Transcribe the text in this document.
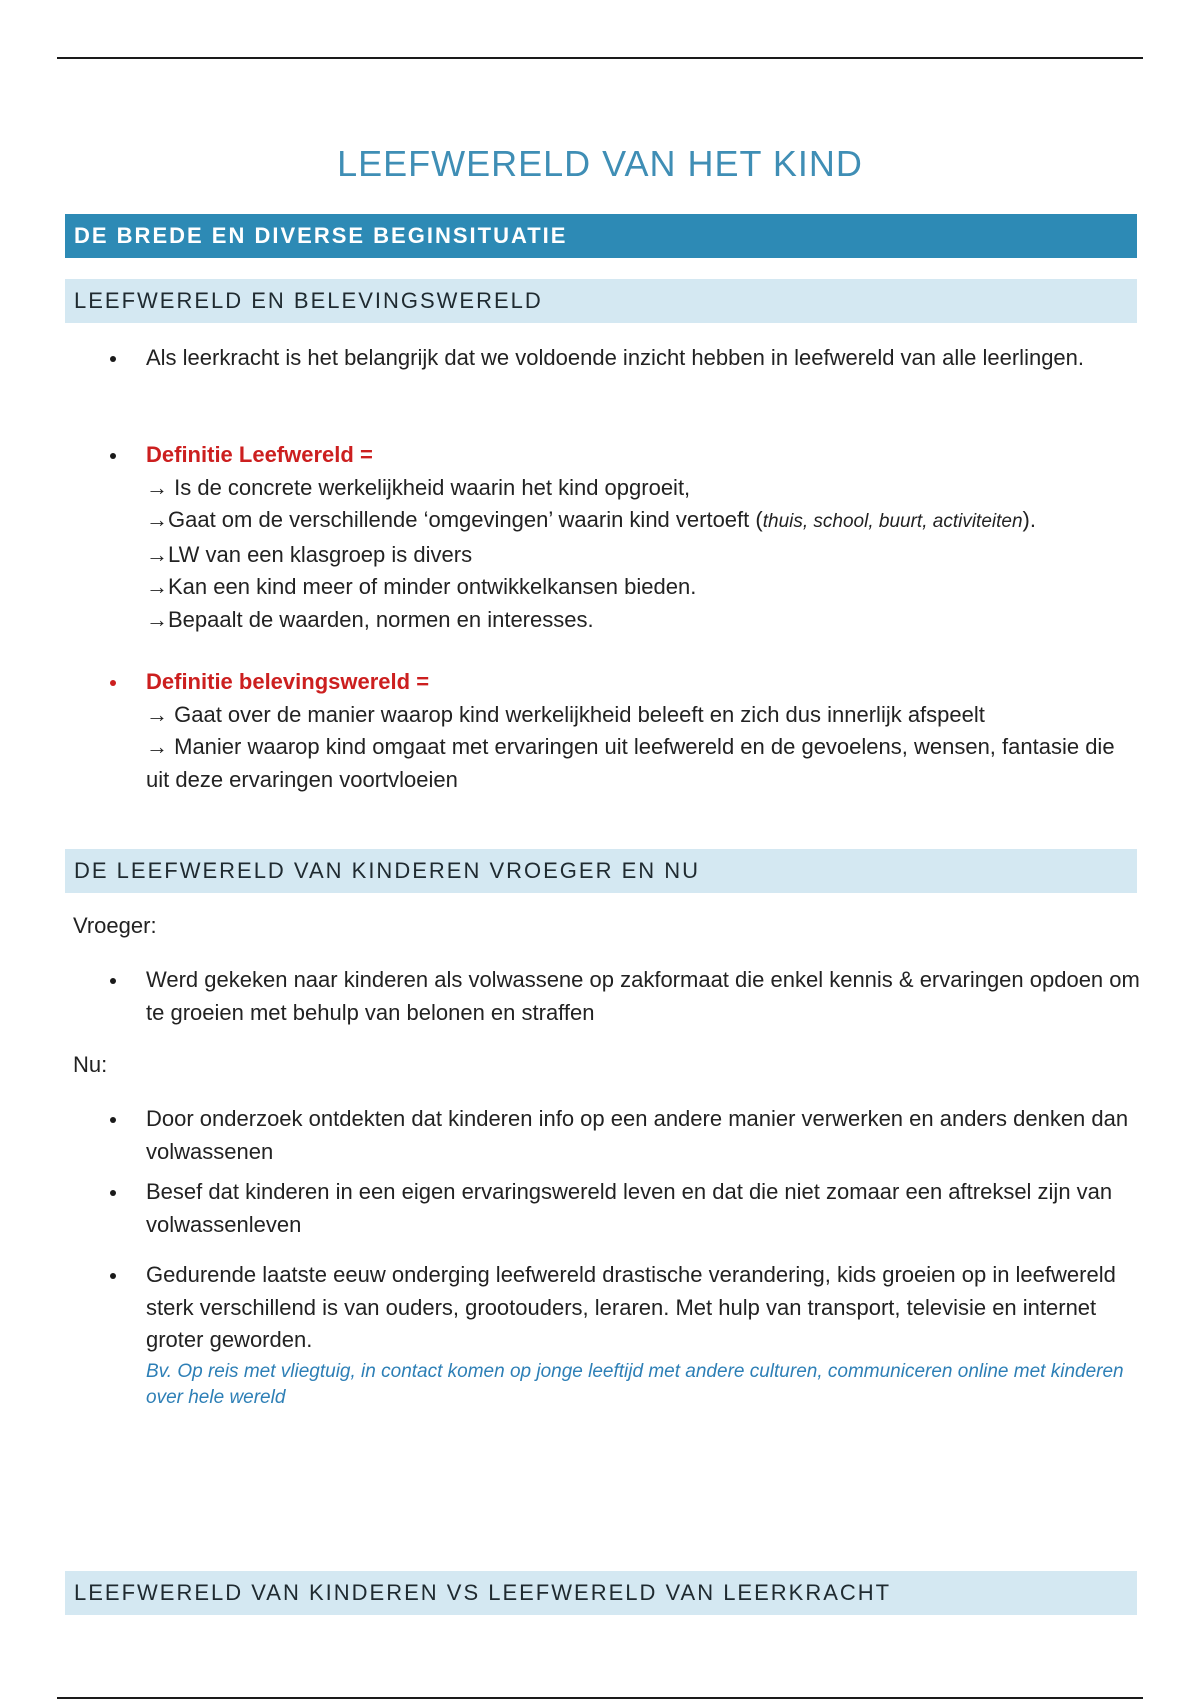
LEEFWERELD VAN HET KIND
DE BREDE EN DIVERSE BEGINSITUATIE
LEEFWERELD EN BELEVINGSWERELD
Als leerkracht is het belangrijk dat we voldoende inzicht hebben in leefwereld van alle leerlingen.
Definitie Leefwereld =
→ Is de concrete werkelijkheid waarin het kind opgroeit,
→Gaat om de verschillende ‘omgevingen’ waarin kind vertoeft (thuis, school, buurt, activiteiten).
→LW van een klasgroep is divers
→Kan een kind meer of minder ontwikkelkansen bieden.
→Bepaalt de waarden, normen en interesses.
Definitie belevingswereld =
→ Gaat over de manier waarop kind werkelijkheid beleeft en zich dus innerlijk afspeelt
→ Manier waarop kind omgaat met ervaringen uit leefwereld en de gevoelens, wensen, fantasie die uit deze ervaringen voortvloeien
DE LEEFWERELD VAN KINDEREN VROEGER EN NU
Vroeger:
Werd gekeken naar kinderen als volwassene op zakformaat die enkel kennis & ervaringen opdoen om te groeien met behulp van belonen en straffen
Nu:
Door onderzoek ontdekten dat kinderen info op een andere manier verwerken en anders denken dan volwassenen
Besef dat kinderen in een eigen ervaringswereld leven en dat die niet zomaar een aftreksel zijn van volwassenleven
Gedurende laatste eeuw onderging leefwereld drastische verandering, kids groeien op in leefwereld sterk verschillend is van ouders, grootouders, leraren. Met hulp van transport, televisie en internet groter geworden.
Bv. Op reis met vliegtuig, in contact komen op jonge leeftijd met andere culturen, communiceren online met kinderen over hele wereld
LEEFWERELD VAN KINDEREN VS LEEFWERELD VAN LEERKRACHT
